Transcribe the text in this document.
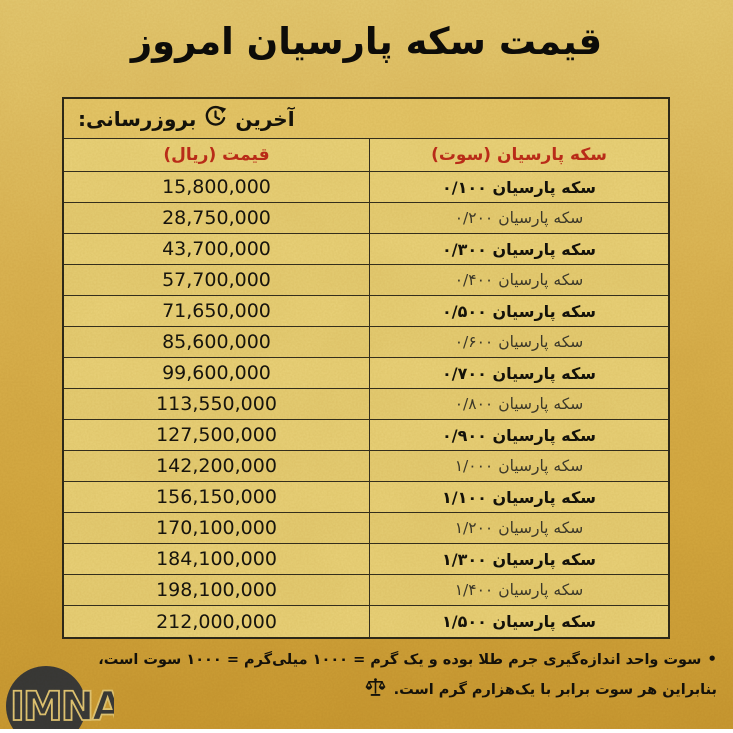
قیمت سکه پارسیان امروز
آخرین
بروزرسانی:
قیمت (ریال)	سکه پارسیان (سوت)
15,800,000	سکه پارسیان ۰/۱۰۰
28,750,000	سکه پارسیان ۰/۲۰۰
43,700,000	سکه پارسیان ۰/۳۰۰
57,700,000	سکه پارسیان ۰/۴۰۰
71,650,000	سکه پارسیان ۰/۵۰۰
85,600,000	سکه پارسیان ۰/۶۰۰
99,600,000	سکه پارسیان ۰/۷۰۰
113,550,000	سکه پارسیان ۰/۸۰۰
127,500,000	سکه پارسیان ۰/۹۰۰
142,200,000	سکه پارسیان ۱/۰۰۰
156,150,000	سکه پارسیان ۱/۱۰۰
170,100,000	سکه پارسیان ۱/۲۰۰
184,100,000	سکه پارسیان ۱/۳۰۰
198,100,000	سکه پارسیان ۱/۴۰۰
212,000,000	سکه پارسیان ۱/۵۰۰
•سوت واحد اندازه‌گیری جرم طلا بوده و یک گرم = ۱۰۰۰ میلی‌گرم = ۱۰۰۰ سوت است،
بنابراین هر سوت برابر با یک‌هزارم گرم است.
IMNA
